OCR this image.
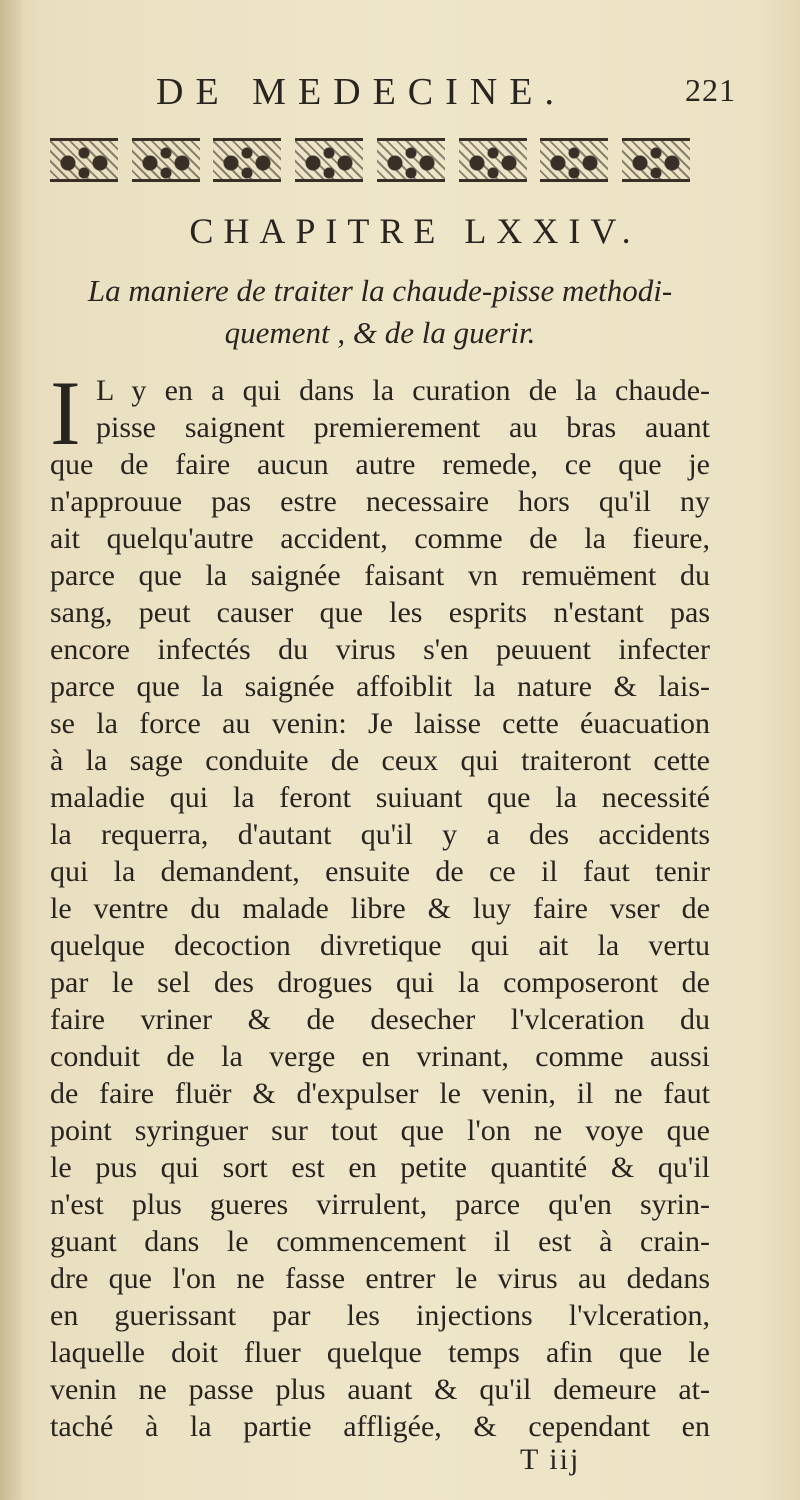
DE MEDECINE.	221
CHAPITRE LXXIV.
La maniere de traiter la chaude-pisse methodi-
quement , & de la guerir.
I L y en a qui dans la curation de la chaude-
pisse saignent premierement au bras auant
que de faire aucun autre remede, ce que je
n'approuue pas estre necessaire hors qu'il ny
ait quelqu'autre accident, comme de la fieure,
parce que la saignée faisant vn remuëment du
sang, peut causer que les esprits n'estant pas
encore infectés du virus s'en peuuent infecter
parce que la saignée affoiblit la nature & lais-
se la force au venin: Je laisse cette éuacuation
à la sage conduite de ceux qui traiteront cette
maladie qui la feront suiuant que la necessité
la requerra, d'autant qu'il y a des accidents
qui la demandent, ensuite de ce il faut tenir
le ventre du malade libre & luy faire vser de
quelque decoction divretique qui ait la vertu
par le sel des drogues qui la composeront de
faire vriner & de desecher l'vlceration du
conduit de la verge en vrinant, comme aussi
de faire fluër & d'expulser le venin, il ne faut
point syringuer sur tout que l'on ne voye que
le pus qui sort est en petite quantité & qu'il
n'est plus gueres virrulent, parce qu'en syrin-
guant dans le commencement il est à crain-
dre que l'on ne fasse entrer le virus au dedans
en guerissant par les injections l'vlceration,
laquelle doit fluer quelque temps afin que le
venin ne passe plus auant & qu'il demeure at-
taché à la partie affligée, & cependant en
T iij
